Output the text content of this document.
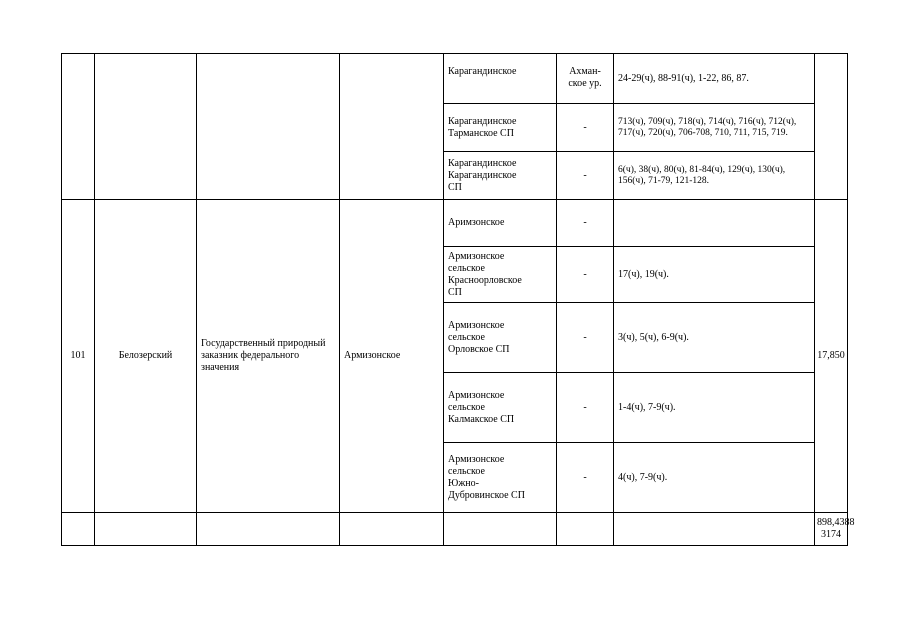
				Карагандинское	Ахман-
ское ур.	24-29(ч), 88-91(ч), 1-22, 86, 87.	
				Карагандинское
Тарманское СП	-	713(ч), 709(ч), 718(ч), 714(ч), 716(ч), 712(ч), 717(ч), 720(ч), 706-708, 710, 711, 715, 719.	
				Карагандинское
Карагандинское
СП	-	6(ч), 38(ч), 80(ч), 81-84(ч), 129(ч), 130(ч), 156(ч), 71-79, 121-128.	
101	Белозерский	Государственный природный заказник федерального значения	Армизонское	Аримзонское	-		17,850
				Армизонское
сельское
Красноорловское
СП	-	17(ч), 19(ч).	
				Армизонское
сельское
Орловское СП	-	3(ч), 5(ч), 6-9(ч).	
				Армизонское
сельское
Калмакское СП	-	1-4(ч), 7-9(ч).	
				Армизонское
сельское
Южно-
Дубровинское СП	-	4(ч), 7-9(ч).	
							898,4388
3174
